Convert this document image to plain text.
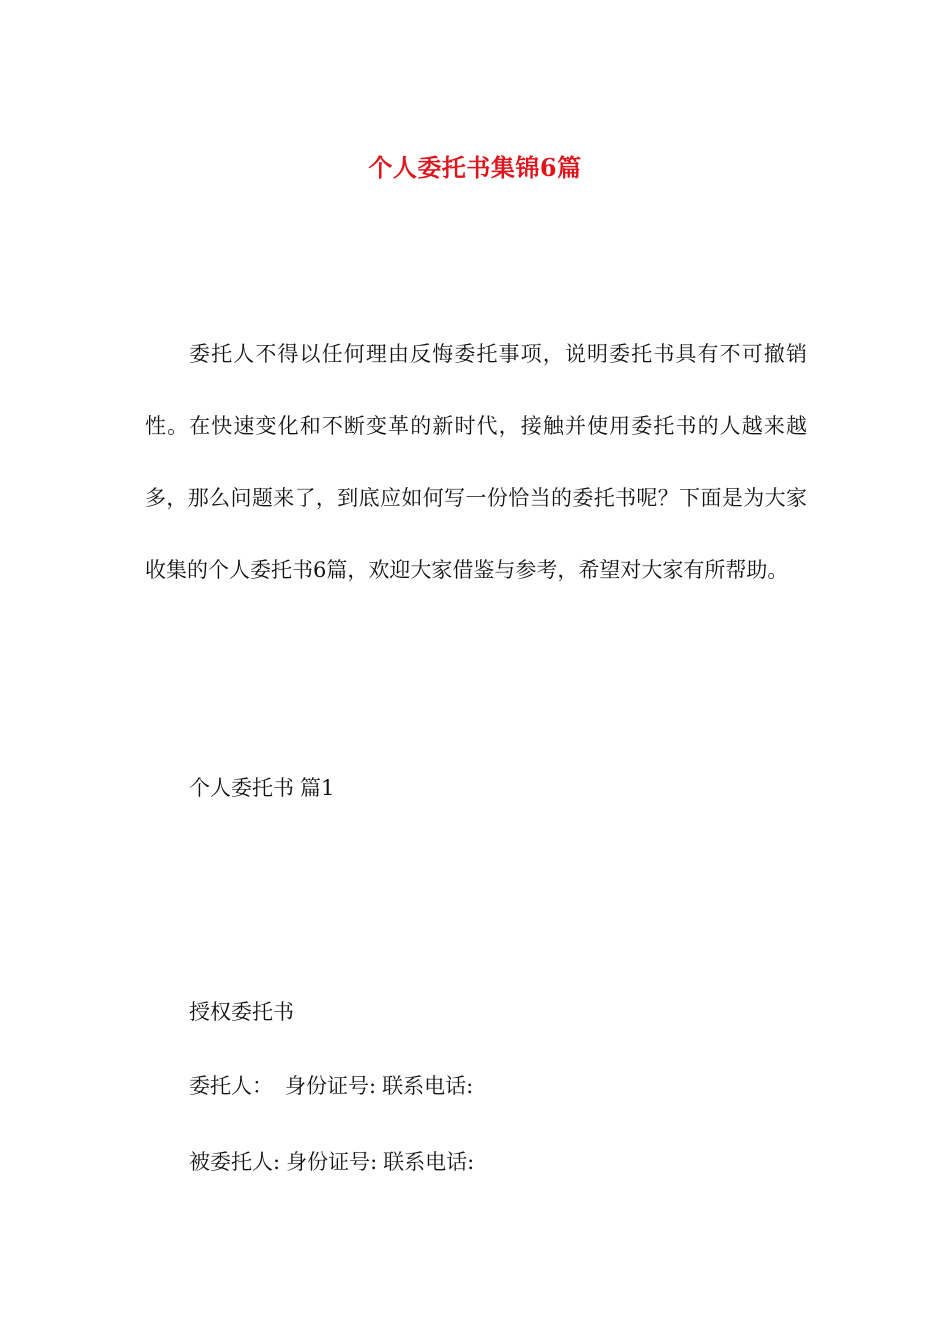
个人委托书集锦6篇

委托人不得以任何理由反悔委托事项，说明委托书具有不可撤销性。在快速变化和不断变革的新时代，接触并使用委托书的人越来越多，那么问题来了，到底应如何写一份恰当的委托书呢？下面是为大家收集的个人委托书6篇，欢迎大家借鉴与参考，希望对大家有所帮助。

个人委托书 篇1

授权委托书

委托人： 身份证号: 联系电话:

被委托人: 身份证号: 联系电话:
